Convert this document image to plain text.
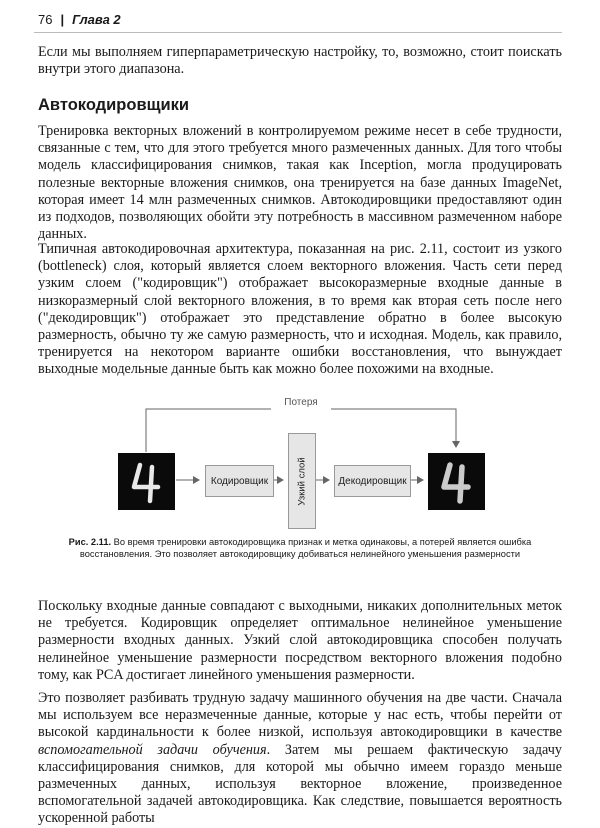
76 | Глава 2

Если мы выполняем гиперпараметрическую настройку, то, возможно, стоит поискать внутри этого диапазона.

Автокодировщики

Тренировка векторных вложений в контролируемом режиме несет в себе трудности, связанные с тем, что для этого требуется много размеченных данных. Для того чтобы модель классифицирования снимков, такая как Inception, могла продуцировать полезные векторные вложения снимков, она тренируется на базе данных ImageNet, которая имеет 14 млн размеченных снимков. Автокодировщики предоставляют один из подходов, позволяющих обойти эту потребность в массивном размеченном наборе данных.

Типичная автокодировочная архитектура, показанная на рис. 2.11, состоит из узкого (bottleneck) слоя, который является слоем векторного вложения. Часть сети перед узким слоем ("кодировщик") отображает высокоразмерные входные данные в низкоразмерный слой векторного вложения, в то время как вторая сеть после него ("декодировщик") отображает это представление обратно в более высокую размерность, обычно ту же самую размерность, что и исходная. Модель, как правило, тренируется на некотором варианте ошибки восстановления, что вынуждает выходные модельные данные быть как можно более похожими на входные.

Потеря
Кодировщик	Узкий слой	Декодировщик
Рис. 2.11. Во время тренировки автокодировщика признак и метка одинаковы, а потерей является ошибка восстановления. Это позволяет автокодировщику добиваться нелинейного уменьшения размерности

Поскольку входные данные совпадают с выходными, никаких дополнительных меток не требуется. Кодировщик определяет оптимальное нелинейное уменьшение размерности входных данных. Узкий слой автокодировщика способен получать нелинейное уменьшение размерности посредством векторного вложения подобно тому, как PCA достигает линейного уменьшения размерности.

Это позволяет разбивать трудную задачу машинного обучения на две части. Сначала мы используем все неразмеченные данные, которые у нас есть, чтобы перейти от высокой кардинальности к более низкой, используя автокодировщики в качестве вспомогательной задачи обучения. Затем мы решаем фактическую задачу классифицирования снимков, для которой мы обычно имеем гораздо меньше размеченных данных, используя векторное вложение, произведенное вспомогательной задачей автокодировщика. Как следствие, повышается вероятность ускоренной работы
